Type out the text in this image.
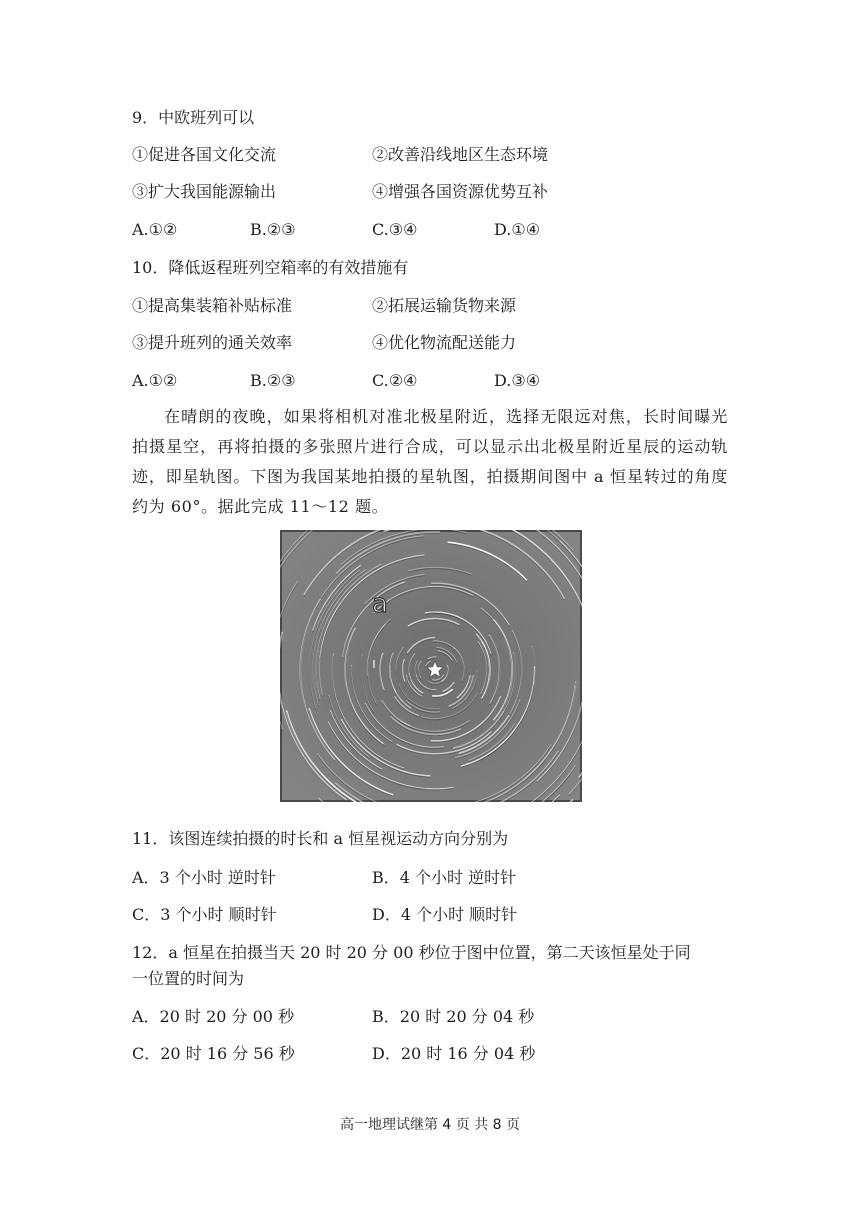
9．中欧班列可以
①促进各国文化交流	②改善沿线地区生态环境
③扩大我国能源输出	④增强各国资源优势互补
A.①②	B.②③	C.③④	D.①④
10．降低返程班列空箱率的有效措施有
①提高集装箱补贴标准	②拓展运输货物来源
③提升班列的通关效率	④优化物流配送能力
A.①②	B.②③	C.②④	D.③④
在晴朗的夜晚，如果将相机对准北极星附近，选择无限远对焦，长时间曝光拍摄星空，再将拍摄的多张照片进行合成，可以显示出北极星附近星辰的运动轨迹，即星轨图。下图为我国某地拍摄的星轨图，拍摄期间图中 a 恒星转过的角度约为 60°。据此完成 11～12 题。
a
ı
11．该图连续拍摄的时长和 a 恒星视运动方向分别为
A．3 个小时 逆时针	B．4 个小时 逆时针
C．3 个小时 顺时针	D．4 个小时 顺时针
12．a 恒星在拍摄当天 20 时 20 分 00 秒位于图中位置，第二天该恒星处于同
一位置的时间为
A．20 时 20 分 00 秒	B．20 时 20 分 04 秒
C．20 时 16 分 56 秒	D．20 时 16 分 04 秒
高一地理试继第 4 页 共 8 页
